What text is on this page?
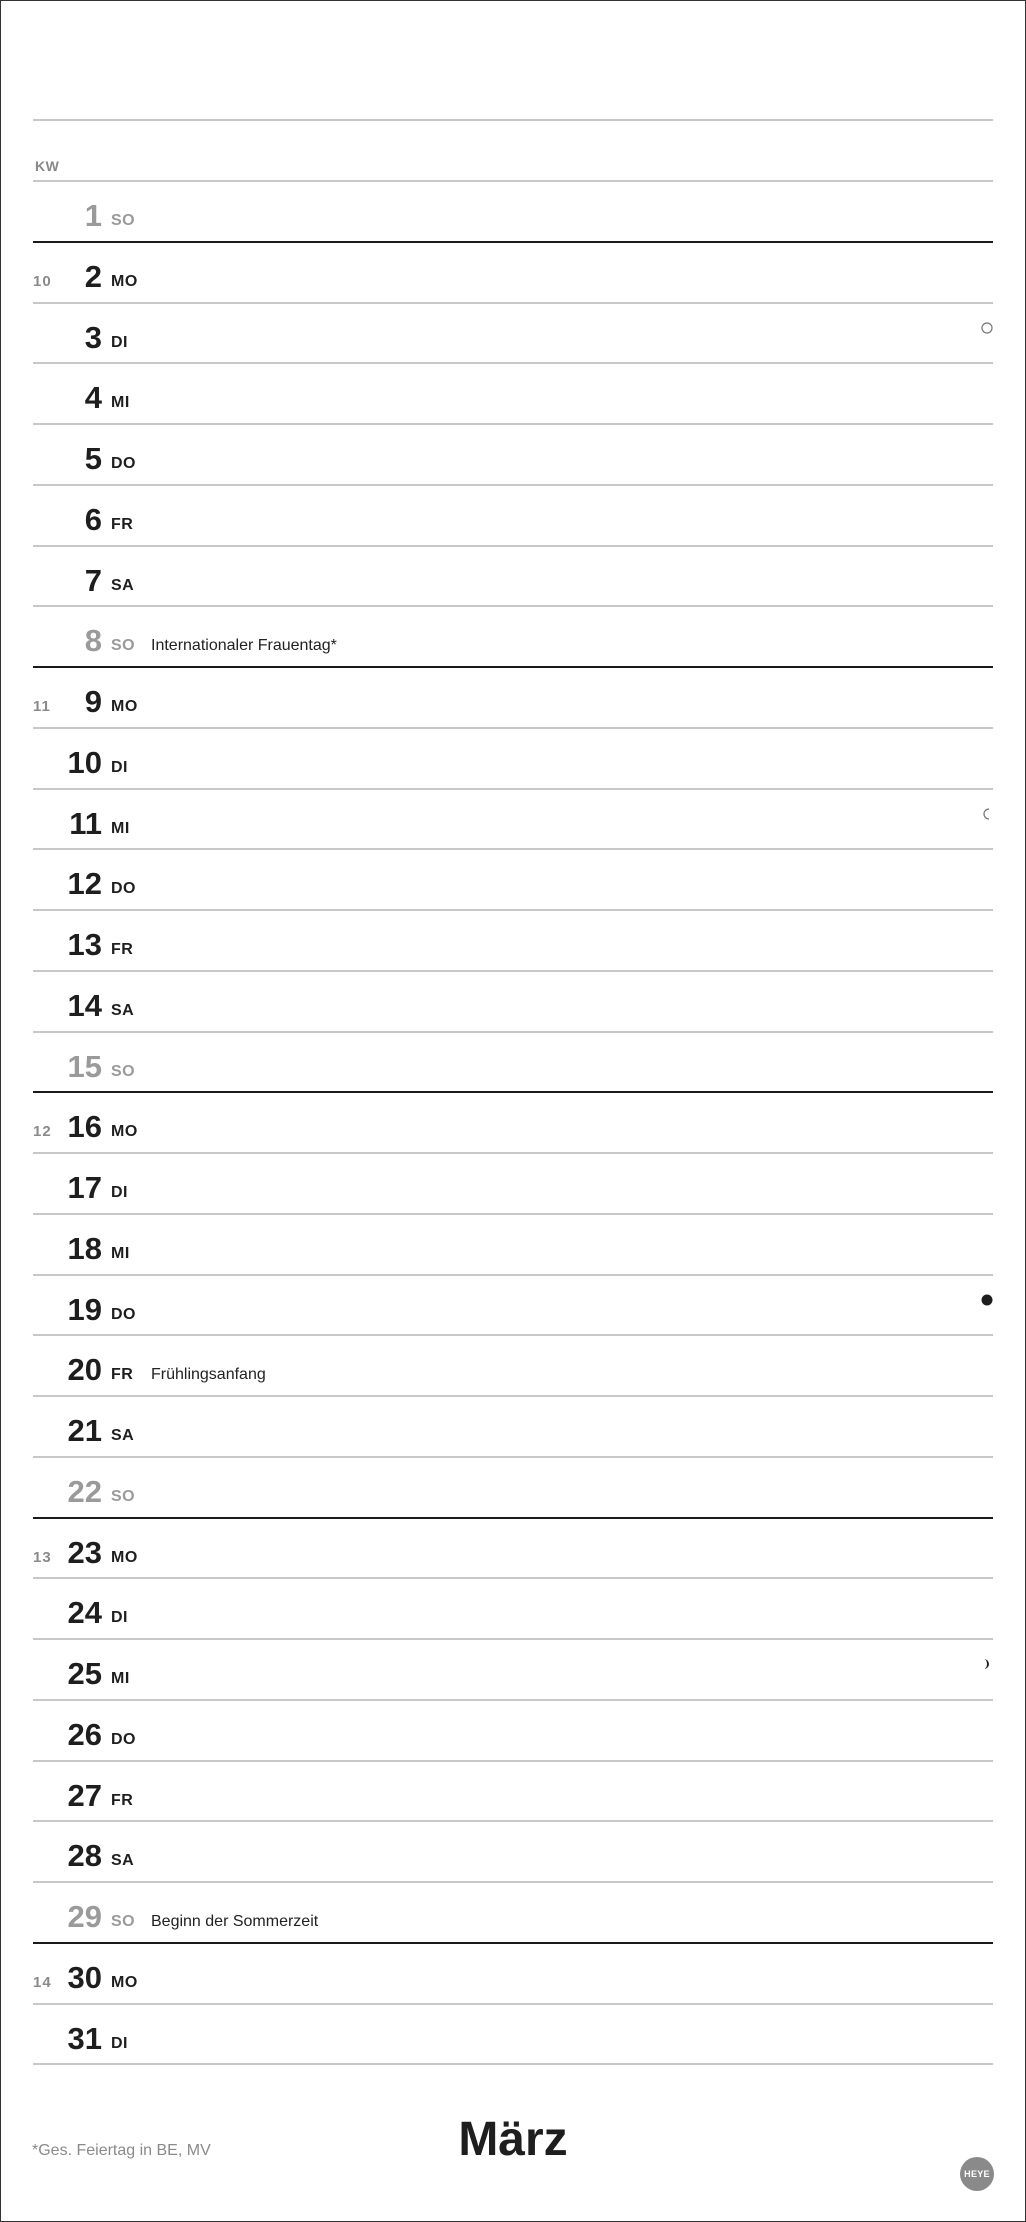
KW
1 SO
10 2 MO
3 DI
4 MI
5 DO
6 FR
7 SA
8 SO Internationaler Frauentag*
11 9 MO
10 DI
11 MI
12 DO
13 FR
14 SA
15 SO
12 16 MO
17 DI
18 MI
19 DO
20 FR Frühlingsanfang
21 SA
22 SO
13 23 MO
24 DI
25 MI
26 DO
27 FR
28 SA
29 SO Beginn der Sommerzeit
14 30 MO
31 DI
*Ges. Feiertag in BE, MV	März
HEYE
